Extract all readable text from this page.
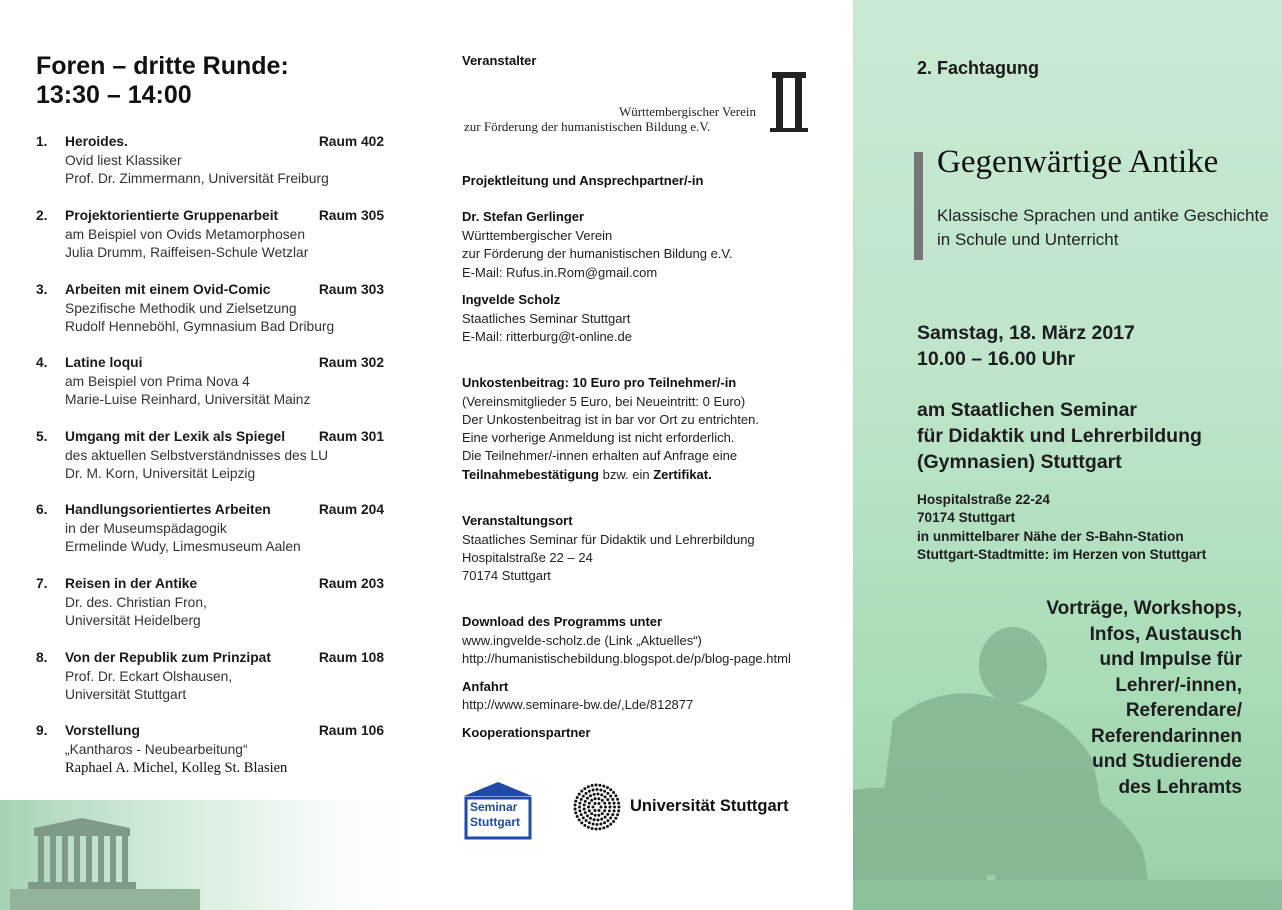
Foren – dritte Runde:
13:30 – 14:00
1. Heroides.	Raum 402
Ovid liest Klassiker
Prof. Dr. Zimmermann, Universität Freiburg
2. Projektorientierte Gruppenarbeit	Raum 305
am Beispiel von Ovids Metamorphosen
Julia Drumm, Raiffeisen-Schule Wetzlar
3. Arbeiten mit einem Ovid-Comic	Raum 303
Spezifische Methodik und Zielsetzung
Rudolf Henneböhl, Gymnasium Bad Driburg
4. Latine loqui	Raum 302
am Beispiel von Prima Nova 4
Marie-Luise Reinhard, Universität Mainz
5. Umgang mit der Lexik als Spiegel Raum 301
des aktuellen Selbstverständnisses des LU
Dr. M. Korn, Universität Leipzig
6. Handlungsorientiertes Arbeiten	Raum 204
in der Museumspädagogik
Ermelinde Wudy, Limesmuseum Aalen
7. Reisen in der Antike	Raum 203
Dr. des. Christian Fron,
Universität Heidelberg
8. Von der Republik zum Prinzipat	Raum 108
Prof. Dr. Eckart Olshausen,
Universität Stuttgart
9. Vorstellung	Raum 106
„Kantharos - Neubearbeitung“
Raphael A. Michel, Kolleg St. Blasien
Veranstalter
Württembergischer Verein
zur Förderung der humanistischen Bildung e.V.
Projektleitung und Ansprechpartner/-in
Dr. Stefan Gerlinger
Württembergischer Verein
zur Förderung der humanistischen Bildung e.V.
E-Mail: Rufus.in.Rom@gmail.com
Ingvelde Scholz
Staatliches Seminar Stuttgart
E-Mail: ritterburg@t-online.de
Unkostenbeitrag: 10 Euro pro Teilnehmer/-in
(Vereinsmitglieder 5 Euro, bei Neueintritt: 0 Euro)
Der Unkostenbeitrag ist in bar vor Ort zu entrichten.
Eine vorherige Anmeldung ist nicht erforderlich.
Die Teilnehmer/-innen erhalten auf Anfrage eine
Teilnahmebestätigung bzw. ein Zertifikat.
Veranstaltungsort
Staatliches Seminar für Didaktik und Lehrerbildung
Hospitalstraße 22 – 24
70174 Stuttgart
Download des Programms unter
www.ingvelde-scholz.de (Link „Aktuelles“)
http://humanistischebildung.blogspot.de/p/blog-page.html
Anfahrt
http://www.seminare-bw.de/,Lde/812877
Kooperationspartner
Seminar
Stuttgart
Universität Stuttgart
2. Fachtagung
Gegenwärtige Antike
Klassische Sprachen und antike Geschichte
in Schule und Unterricht
Samstag, 18. März 2017
10.00 – 16.00 Uhr
am Staatlichen Seminar
für Didaktik und Lehrerbildung
(Gymnasien) Stuttgart
Hospitalstraße 22-24
70174 Stuttgart
in unmittelbarer Nähe der S-Bahn-Station
Stuttgart-Stadtmitte: im Herzen von Stuttgart
Vorträge, Workshops,
Infos, Austausch
und Impulse für
Lehrer/-innen,
Referendare/
Referendarinnen
und Studierende
des Lehramts
